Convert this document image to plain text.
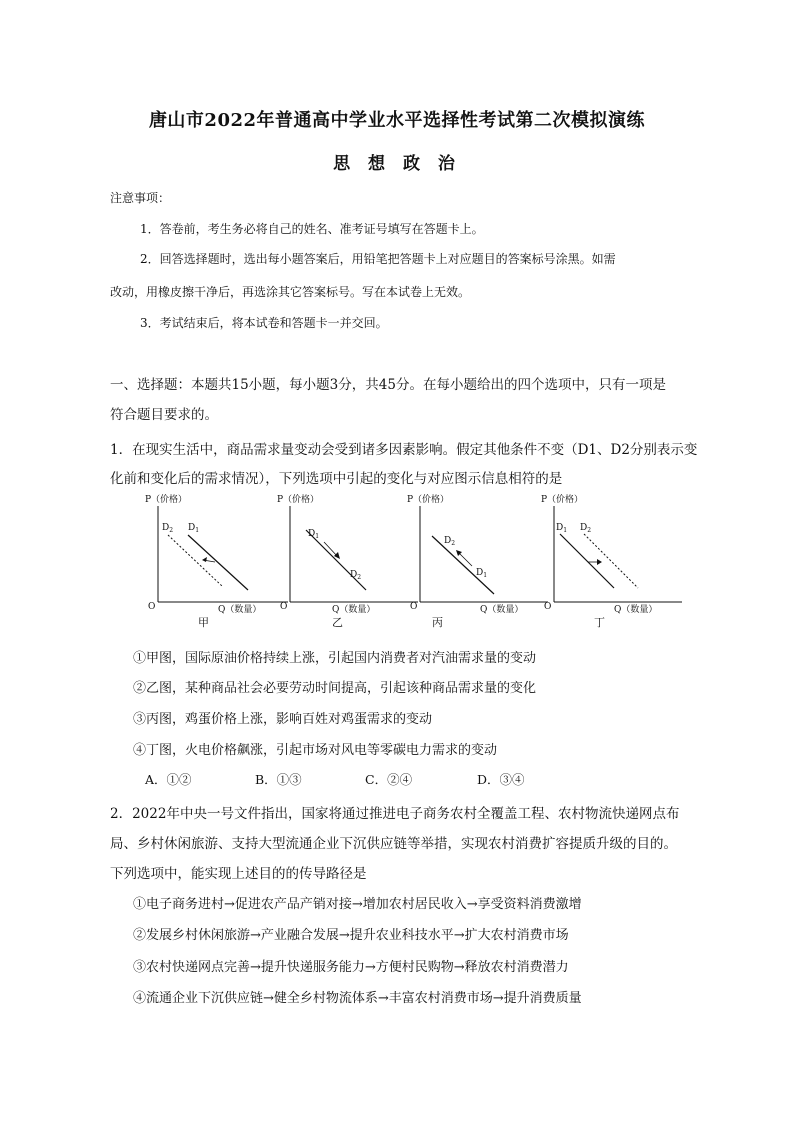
唐山市2022年普通高中学业水平选择性考试第二次模拟演练
思 想 政 治
注意事项：
1．答卷前，考生务必将自己的姓名、准考证号填写在答题卡上。
2．回答选择题时，选出每小题答案后，用铅笔把答题卡上对应题目的答案标号涂黑。如需
改动，用橡皮擦干净后，再选涂其它答案标号。写在本试卷上无效。
3．考试结束后，将本试卷和答题卡一并交回。
一、选择题：本题共15小题，每小题3分，共45分。在每小题给出的四个选项中，只有一项是
符合题目要求的。
1．在现实生活中，商品需求量变动会受到诸多因素影响。假定其他条件不变（D1、D2分别表示变
化前和变化后的需求情况），下列选项中引起的变化与对应图示信息相符的是
P（价格）
O	Q（数量）
$D_2$ $D_1$
甲
P（价格）
O	Q（数量）
$D_1$
$D_2$
乙
P（价格）
O	Q（数量）
$D_2$
$D_1$
丙
P（价格）
O	Q（数量）
$D_1$ $D_2$
丁
①甲图，国际原油价格持续上涨，引起国内消费者对汽油需求量的变动
②乙图，某种商品社会必要劳动时间提高，引起该种商品需求量的变化
③丙图，鸡蛋价格上涨，影响百姓对鸡蛋需求的变动
④丁图，火电价格飙涨，引起市场对风电等零碳电力需求的变动
A．①②	B．①③	C．②④	D．③④
2．2022年中央一号文件指出，国家将通过推进电子商务农村全覆盖工程、农村物流快递网点布
局、乡村休闲旅游、支持大型流通企业下沉供应链等举措，实现农村消费扩容提质升级的目的。
下列选项中，能实现上述目的的传导路径是
①电子商务进村→促进农产品产销对接→增加农村居民收入→享受资料消费激增
②发展乡村休闲旅游→产业融合发展→提升农业科技水平→扩大农村消费市场
③农村快递网点完善→提升快递服务能力→方便村民购物→释放农村消费潜力
④流通企业下沉供应链→健全乡村物流体系→丰富农村消费市场→提升消费质量
